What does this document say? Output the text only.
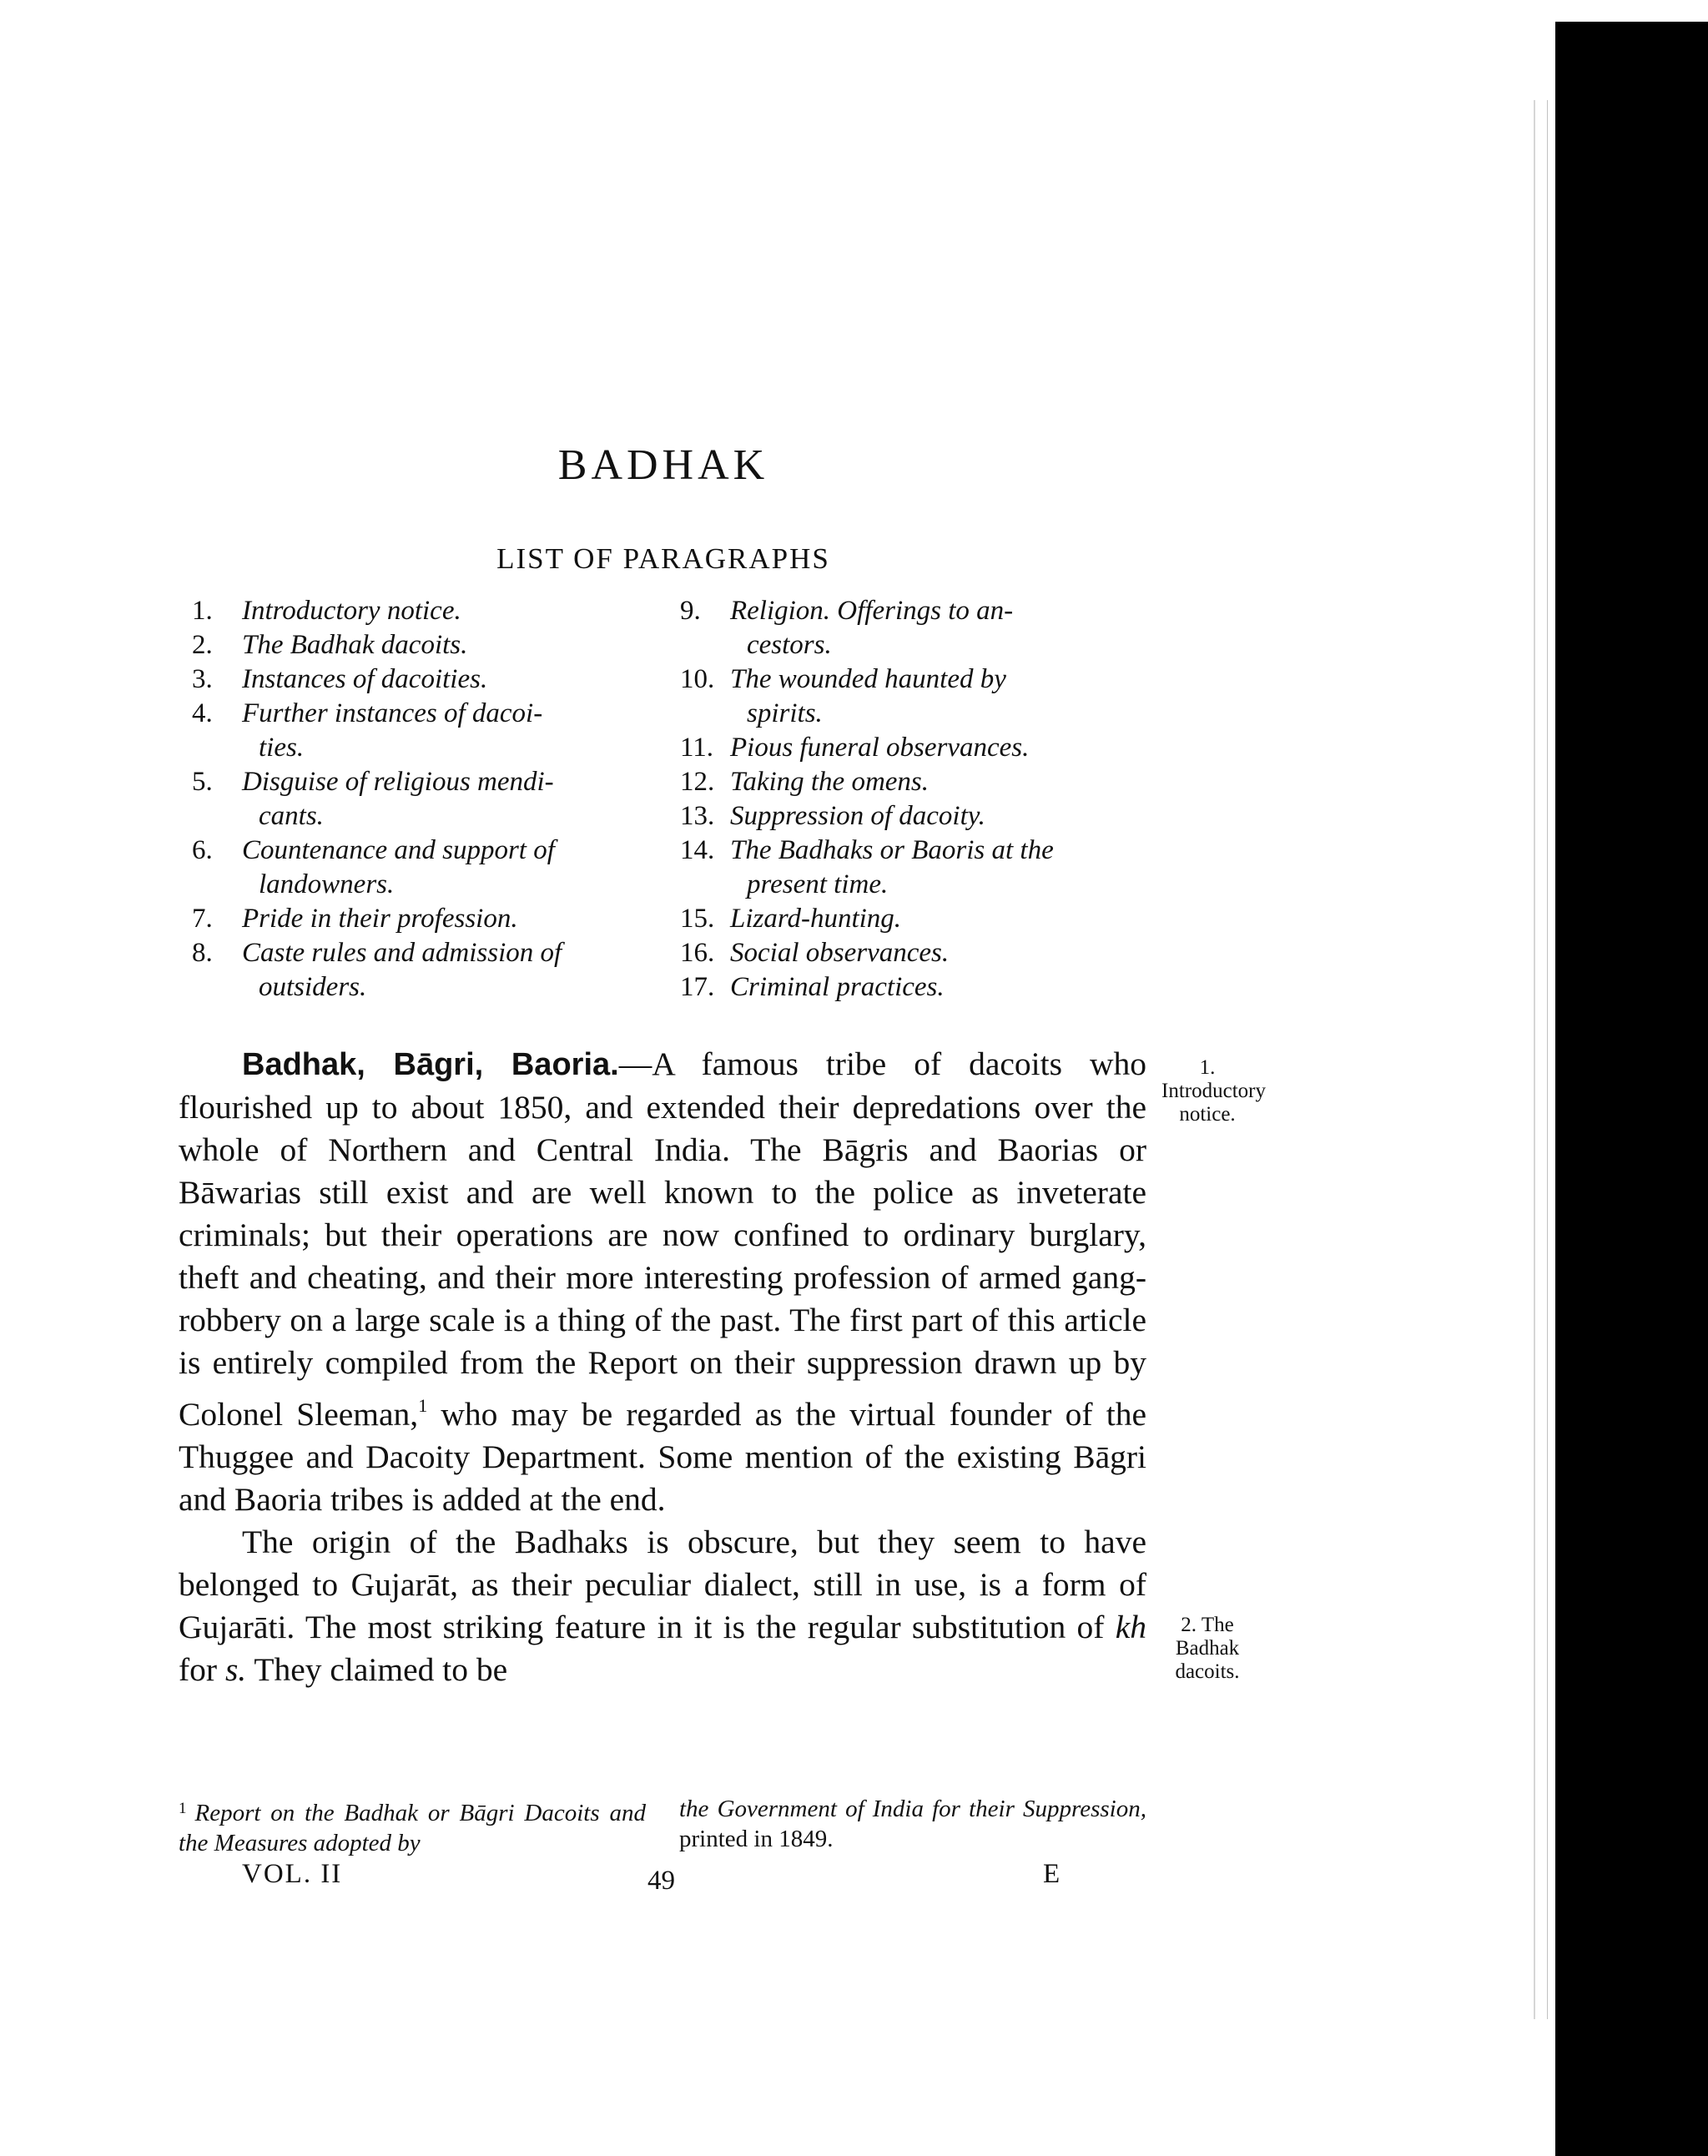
BADHAK
LIST OF PARAGRAPHS
1.	Introductory notice.
2.	The Badhak dacoits.
3.	Instances of dacoities.
4.	Further instances of dacoi-
ties.
5.	Disguise of religious mendi-
cants.
6.	Countenance and support of
landowners.
7.	Pride in their profession.
8.	Caste rules and admission of
outsiders.
9.	Religion. Offerings to an-
cestors.
10. The wounded haunted by
spirits.
11. Pious funeral observances.
12. Taking the omens.
13. Suppression of dacoity.
14. The Badhaks or Baoris at the
present time.
15. Lizard-hunting.
16. Social observances.
17. Criminal practices.

Badhak, Bāgri, Baoria.—A famous tribe of dacoits who flourished up to about 1850, and extended their depredations over the whole of Northern and Central India. The Bāgris and Baorias or Bāwarias still exist and are well known to the police as inveterate criminals; but their operations are now confined to ordinary burglary, theft and cheating, and their more interesting profession of armed gang-robbery on a large scale is a thing of the past. The first part of this article is entirely compiled from the Report on their suppression drawn up by Colonel Sleeman,$^1$ who may be regarded as the virtual founder of the Thuggee and Dacoity Department. Some mention of the existing Bāgri and Baoria tribes is added at the end.

The origin of the Badhaks is obscure, but they seem to have belonged to Gujarāt, as their peculiar dialect, still in use, is a form of Gujarāti. The most striking feature in it is the regular substitution of kh for s. They claimed to be

1. Introductory notice.
2. The Badhak dacoits.
$^1$ Report on the Badhak or Bāgri Dacoits and the Measures adopted by
the Government of India for their Suppression, printed in 1849.
VOL. II	49	E
